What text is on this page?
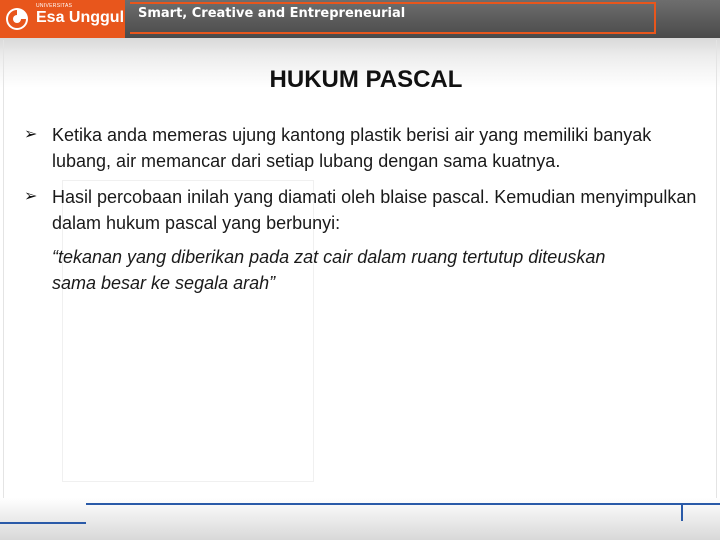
UNIVERSITAS
Esa Unggul Smart, Creative and Entrepreneurial
HUKUM PASCAL
➢ Ketika anda memeras ujung kantong plastik berisi air yang memiliki banyak lubang, air memancar dari setiap lubang dengan sama kuatnya.
➢ Hasil percobaan inilah yang diamati oleh blaise pascal. Kemudian menyimpulkan dalam hukum pascal yang berbunyi:
“tekanan yang diberikan pada zat cair dalam ruang tertutup diteuskan sama besar ke segala arah”
